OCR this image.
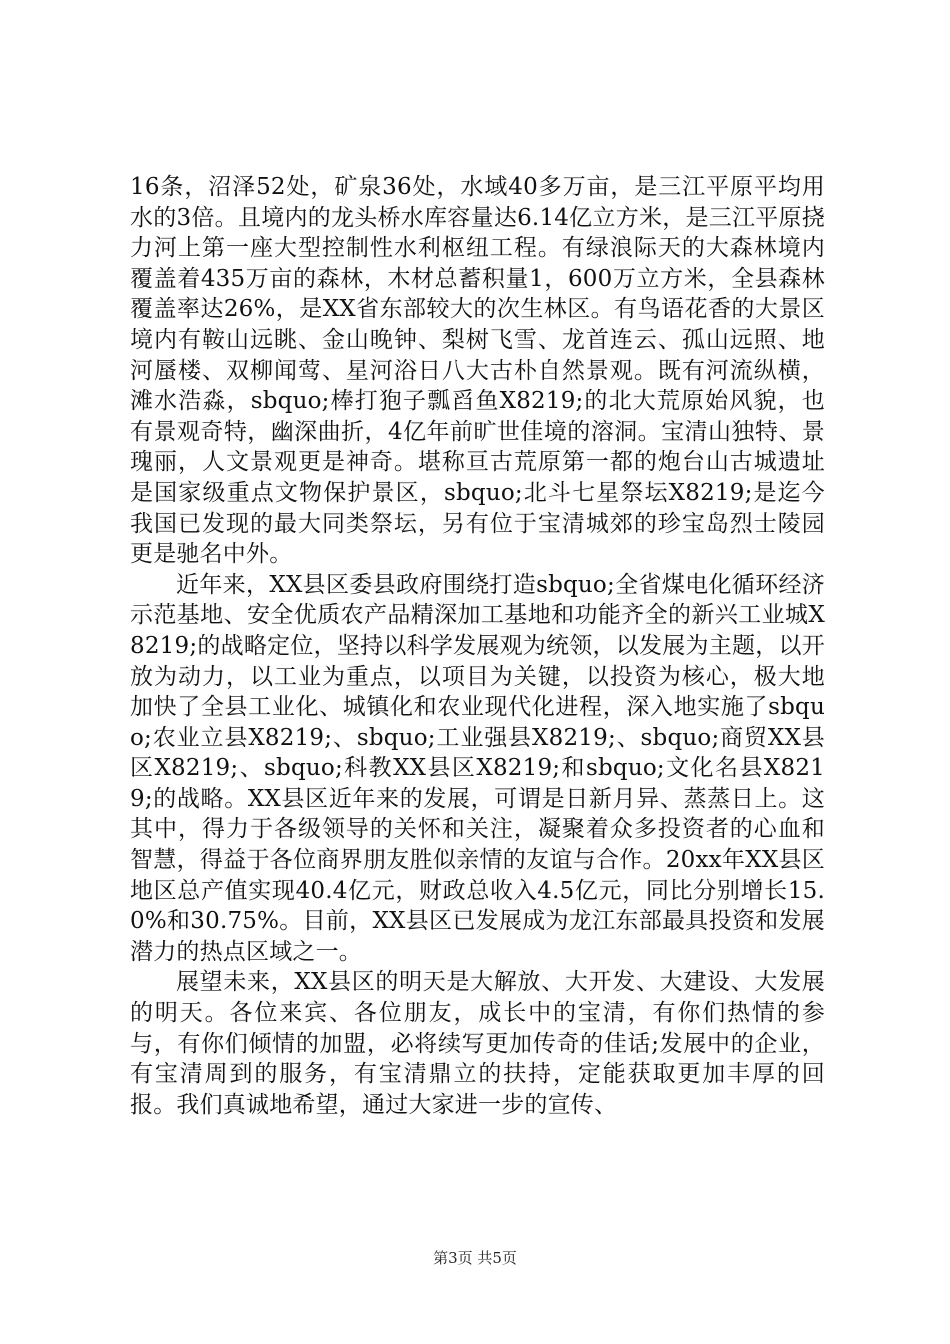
16条，沼泽52处，矿泉36处，水域40多万亩，是三江平原平均用水的3倍。且境内的龙头桥水库容量达6.14亿立方米，是三江平原挠力河上第一座大型控制性水利枢纽工程。有绿浪际天的大森林境内覆盖着435万亩的森林，木材总蓄积量1，600万立方米，全县森林覆盖率达26%，是XX省东部较大的次生林区。有鸟语花香的大景区境内有鞍山远眺、金山晚钟、梨树飞雪、龙首连云、孤山远照、地河蜃楼、双柳闻莺、星河浴日八大古朴自然景观。既有河流纵横，滩水浩淼，sbquo;棒打狍子瓢舀鱼X8219;的北大荒原始风貌，也有景观奇特，幽深曲折，4亿年前旷世佳境的溶洞。宝清山独特、景瑰丽，人文景观更是神奇。堪称亘古荒原第一都的炮台山古城遗址是国家级重点文物保护景区，sbquo;北斗七星祭坛X8219;是迄今我国已发现的最大同类祭坛，另有位于宝清城郊的珍宝岛烈士陵园更是驰名中外。

近年来，XX县区委县政府围绕打造sbquo;全省煤电化循环经济示范基地、安全优质农产品精深加工基地和功能齐全的新兴工业城X8219;的战略定位，坚持以科学发展观为统领，以发展为主题，以开放为动力，以工业为重点，以项目为关键，以投资为核心，极大地加快了全县工业化、城镇化和农业现代化进程，深入地实施了sbquo;农业立县X8219;、sbquo;工业强县X8219;、sbquo;商贸XX县区X8219;、sbquo;科教XX县区X8219;和sbquo;文化名县X8219;的战略。XX县区近年来的发展，可谓是日新月异、蒸蒸日上。这其中，得力于各级领导的关怀和关注，凝聚着众多投资者的心血和智慧，得益于各位商界朋友胜似亲情的友谊与合作。20xx年XX县区地区总产值实现40.4亿元，财政总收入4.5亿元，同比分别增长15.0%和30.75%。目前，XX县区已发展成为龙江东部最具投资和发展潜力的热点区域之一。

展望未来，XX县区的明天是大解放、大开发、大建设、大发展的明天。各位来宾、各位朋友，成长中的宝清，有你们热情的参与，有你们倾情的加盟，必将续写更加传奇的佳话;发展中的企业，有宝清周到的服务，有宝清鼎立的扶持，定能获取更加丰厚的回报。我们真诚地希望，通过大家进一步的宣传、

第3页 共5页
